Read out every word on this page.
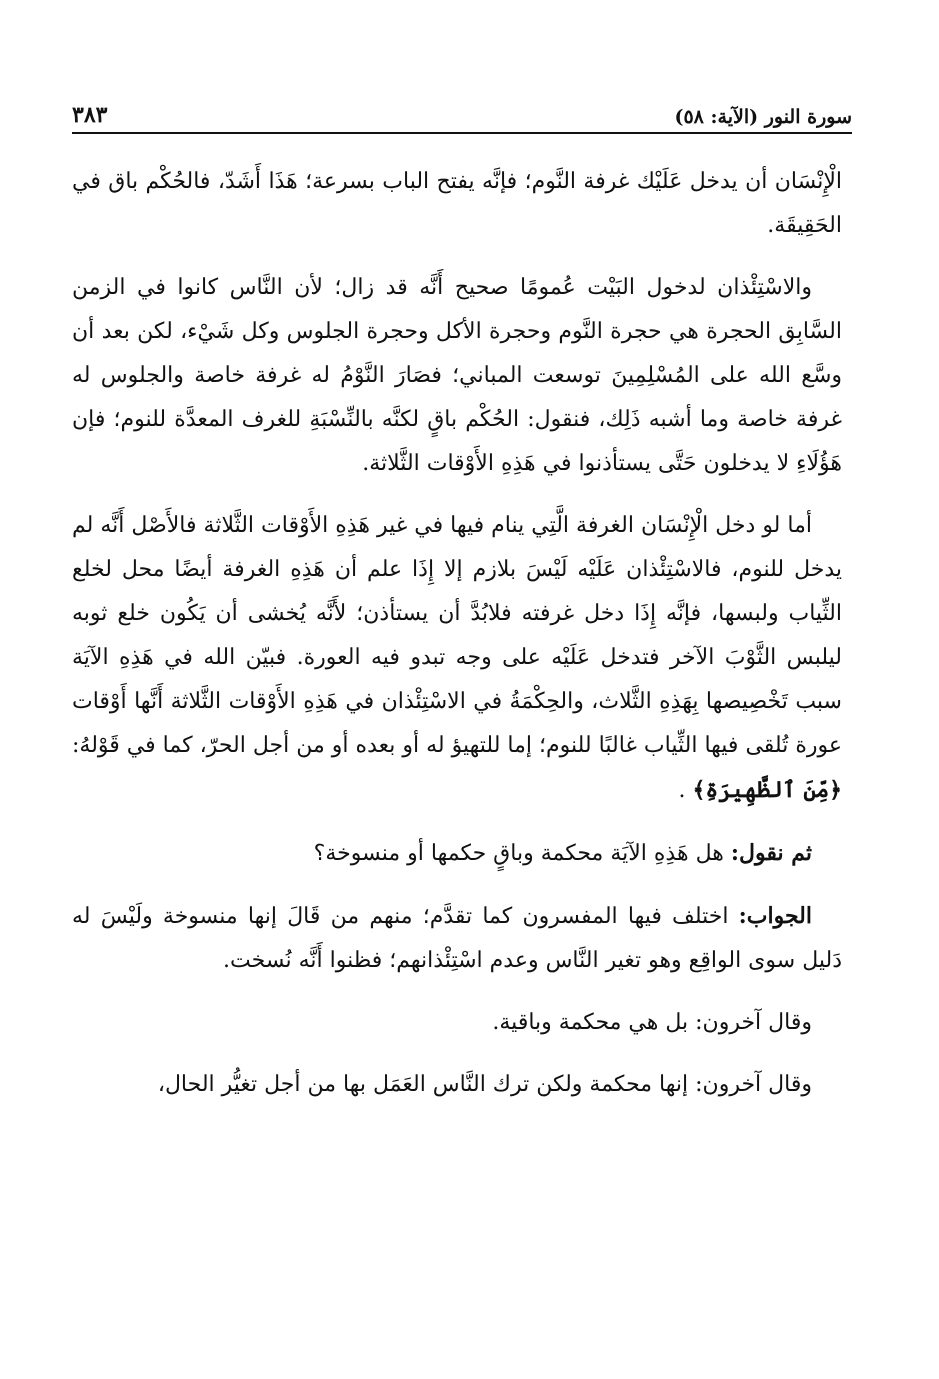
سورة النور (الآية: ٥٨)
٣٨٣

الْإِنْسَان أن يدخل عَلَيْك غرفة النَّوم؛ فإنَّه يفتح الباب بسرعة؛ هَذَا أَشَدّ، فالحُكْم باق في الحَقِيقَة.

والاسْتِئْذان لدخول البَيْت عُمومًا صحيح أَنَّه قد زال؛ لأن النَّاس كانوا في الزمن السَّابِق الحجرة هي حجرة النَّوم وحجرة الأكل وحجرة الجلوس وكل شَيْء، لكن بعد أن وسَّع الله على المُسْلِمِينَ توسعت المباني؛ فصَارَ النَّوْمُ له غرفة خاصة والجلوس له غرفة خاصة وما أشبه ذَلِك، فنقول: الحُكْم باقٍ لكنَّه بالنِّسْبَةِ للغرف المعدَّة للنوم؛ فإن هَؤُلَاءِ لا يدخلون حَتَّى يستأذنوا في هَذِهِ الأَوْقات الثَّلاثة.

أما لو دخل الْإِنْسَان الغرفة الَّتِي ينام فيها في غير هَذِهِ الأَوْقات الثَّلاثة فالأَصْل أَنَّه لم يدخل للنوم، فالاسْتِئْذان عَلَيْه لَيْسَ بلازم إلا إِذَا علم أن هَذِهِ الغرفة أيضًا محل لخلع الثِّياب ولبسها، فإنَّه إِذَا دخل غرفته فلابُدَّ أن يستأذن؛ لأَنَّه يُخشى أن يَكُون خلع ثوبه ليلبس الثَّوْبَ الآخر فتدخل عَلَيْه على وجه تبدو فيه العورة. فبيّن الله في هَذِهِ الآيَة سبب تَخْصِيصها بِهَذِهِ الثَّلاث، والحِكْمَةُ في الاسْتِئْذان في هَذِهِ الأَوْقات الثَّلاثة أَنَّها أَوْقات عورة تُلقى فيها الثِّياب غالبًا للنوم؛ إما للتهيؤ له أو بعده أو من أجل الحرّ، كما في قَوْلهُ: ﴿مِّنَ ٱلظَّهِيرَةِ﴾ .

ثم نقول: هل هَذِهِ الآيَة محكمة وباقٍ حكمها أو منسوخة؟

الجواب: اختلف فيها المفسرون كما تقدَّم؛ منهم من قَالَ إنها منسوخة ولَيْسَ له دَليل سوى الواقِع وهو تغير النَّاس وعدم اسْتِئْذانهم؛ فظنوا أَنَّه نُسخت.

وقال آخرون: بل هي محكمة وباقية.

وقال آخرون: إنها محكمة ولكن ترك النَّاس العَمَل بها من أجل تغيُّر الحال،
